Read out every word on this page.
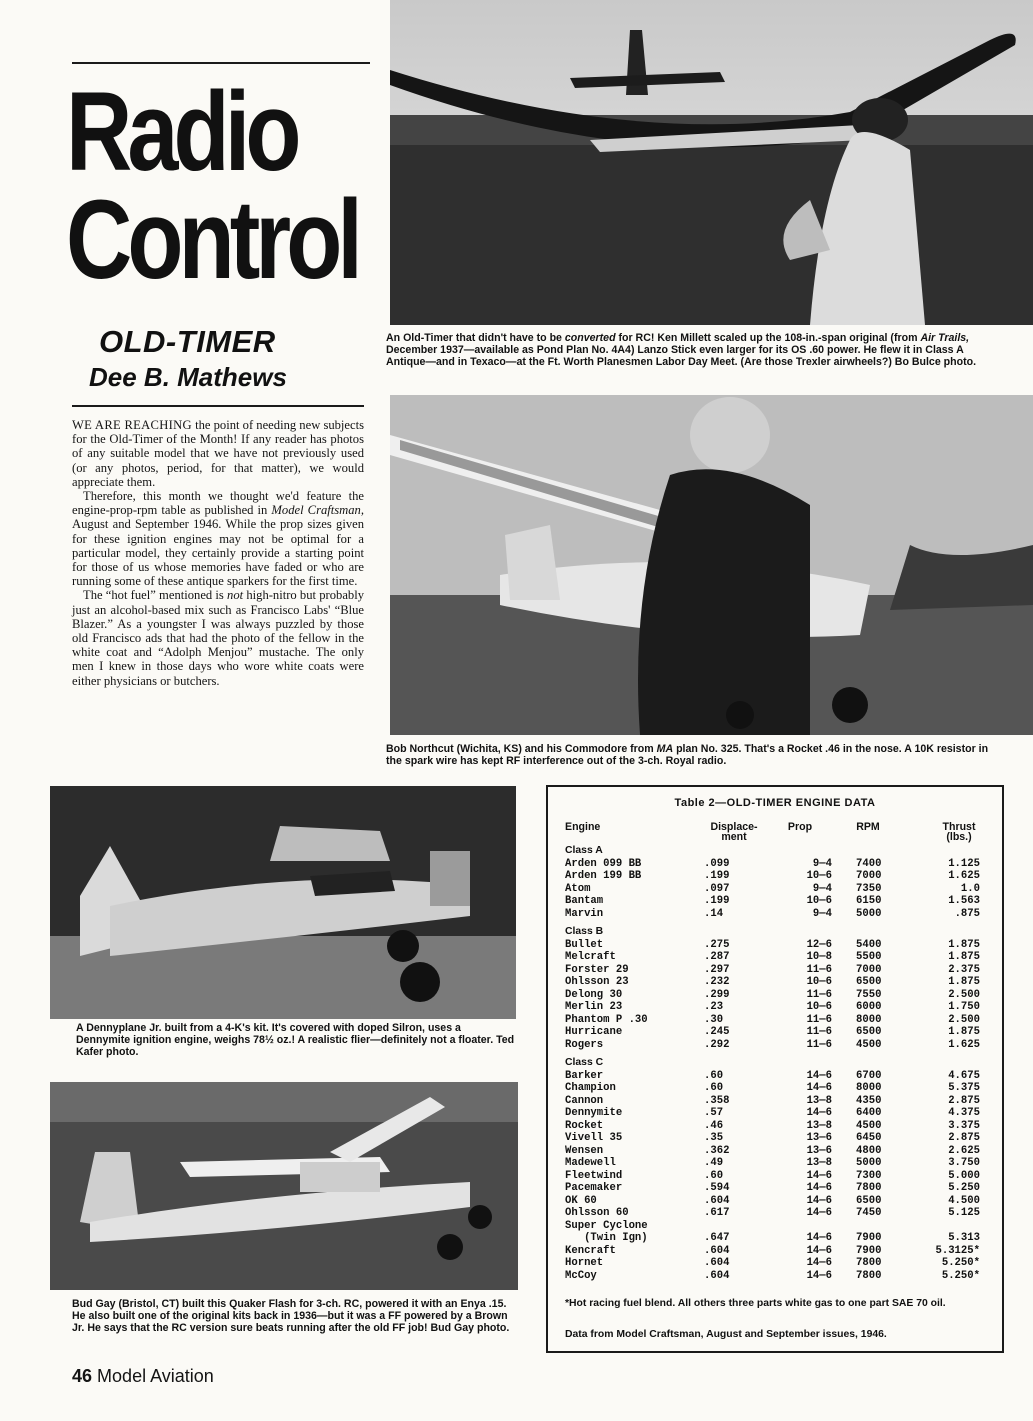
Radio
Control
OLD-TIMER
Dee B. Mathews

WE ARE REACHING the point of needing new subjects for the Old-Timer of the Month! If any reader has photos of any suitable model that we have not previously used (or any photos, period, for that matter), we would appreciate them.

Therefore, this month we thought we'd feature the engine-prop-rpm table as published in Model Craftsman, August and September 1946. While the prop sizes given for these ignition engines may not be optimal for a particular model, they certainly provide a starting point for those of us whose memories have faded or who are running some of these antique sparkers for the first time.

The “hot fuel” mentioned is not high-nitro but probably just an alcohol-based mix such as Francisco Labs' “Blue Blazer.” As a youngster I was always puzzled by those old Francisco ads that had the photo of the fellow in the white coat and “Adolph Menjou” mustache. The only men I knew in those days who wore white coats were either physicians or butchers.

An Old-Timer that didn't have to be converted for RC! Ken Millett scaled up the 108-in.-span original (from Air Trails, December 1937—available as Pond Plan No. 4A4) Lanzo Stick even larger for its OS .60 power. He flew it in Class A Antique—and in Texaco—at the Ft. Worth Planesmen Labor Day Meet. (Are those Trexler airwheels?) Bo Bulce photo.
Bob Northcut (Wichita, KS) and his Commodore from MA plan No. 325. That's a Rocket .46 in the nose. A 10K resistor in the spark wire has kept RF interference out of the 3-ch. Royal radio.
A Dennyplane Jr. built from a 4-K's kit. It's covered with doped Silron, uses a Dennymite ignition engine, weighs 78½ oz.! A realistic flier—definitely not a floater. Ted Kafer photo.
Bud Gay (Bristol, CT) built this Quaker Flash for 3-ch. RC, powered it with an Enya .15. He also built one of the original kits back in 1936—but it was a FF powered by a Brown Jr. He says that the RC version sure beats running after the old FF job! Bud Gay photo.
Table 2—OLD-TIMER ENGINE DATA
Engine	Displace-
ment
Prop	RPM	Thrust
(lbs.)
Class A
Arden 099 BB	.099	9—4 7400	1.125
Arden 199 BB	.199	10—6 7000	1.625
Atom	.097	9—4 7350	1.0
Bantam	.199	10—6 6150	1.563
Marvin	.14	9—4 5000	.875
Class B
Bullet	.275	12—6 5400	1.875
Melcraft	.287	10—8 5500	1.875
Forster 29	.297	11—6 7000	2.375
Ohlsson 23	.232	10—6 6500	1.875
Delong 30	.299	11—6 7550	2.500
Merlin 23	.23	10—6 6000	1.750
Phantom P .30	.30	11—6 8000	2.500
Hurricane	.245	11—6 6500	1.875
Rogers	.292	11—6 4500	1.625
Class C
Barker	.60	14—6 6700	4.675
Champion	.60	14—6 8000	5.375
Cannon	.358	13—8 4350	2.875
Dennymite	.57	14—6 6400	4.375
Rocket	.46	13—8 4500	3.375
Vivell 35	.35	13—6 6450	2.875
Wensen	.362	13—6 4800	2.625
Madewell	.49	13—8 5000	3.750
Fleetwind	.60	14—6 7300	5.000
Pacemaker	.594	14—6 7800	5.250
OK 60	.604	14—6 6500	4.500
Ohlsson 60	.617	14—6 7450	5.125
Super Cyclone
(Twin Ign)	.647	14—6 7900	5.313
Kencraft	.604	14—6 7900	5.3125*
Hornet	.604	14—6 7800	5.250*
McCoy	.604	14—6 7800	5.250*
*Hot racing fuel blend. All others three parts white gas to one part SAE 70 oil.
Data from Model Craftsman, August and September issues, 1946.
46 Model Aviation
